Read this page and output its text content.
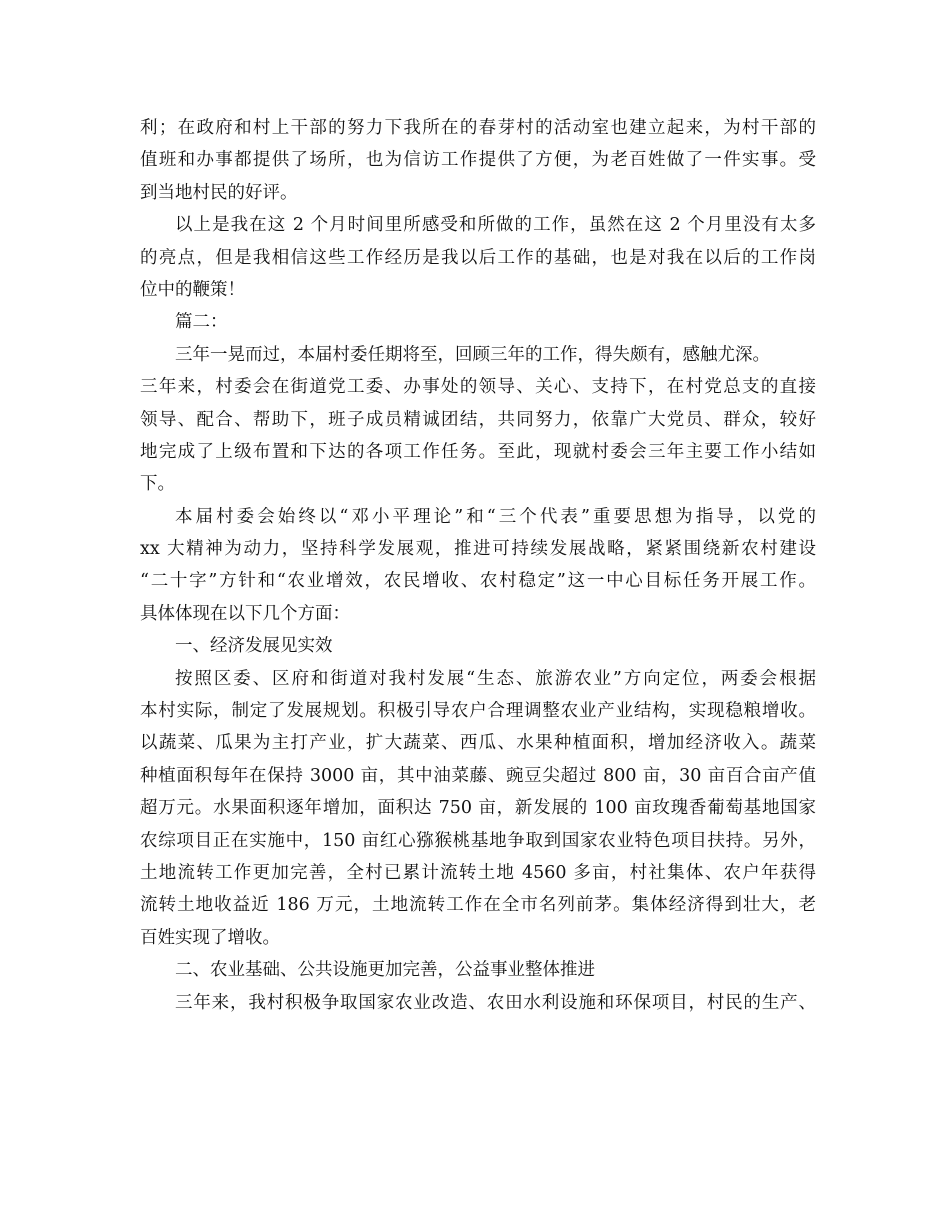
利；在政府和村上干部的努力下我所在的春芽村的活动室也建立起来，为村干部的
值班和办事都提供了场所，也为信访工作提供了方便，为老百姓做了一件实事。受
到当地村民的好评。
以上是我在这 2 个月时间里所感受和所做的工作，虽然在这 2 个月里没有太多
的亮点，但是我相信这些工作经历是我以后工作的基础，也是对我在以后的工作岗
位中的鞭策！
篇二：
三年一晃而过，本届村委任期将至，回顾三年的工作，得失颇有，感触尤深。
三年来，村委会在街道党工委、办事处的领导、关心、支持下，在村党总支的直接
领导、配合、帮助下，班子成员精诚团结，共同努力，依靠广大党员、群众，较好
地完成了上级布置和下达的各项工作任务。至此，现就村委会三年主要工作小结如
下。
本届村委会始终以“邓小平理论”和“三个代表”重要思想为指导，以党的
xx 大精神为动力，坚持科学发展观，推进可持续发展战略，紧紧围绕新农村建设
“二十字”方针和“农业增效，农民增收、农村稳定”这一中心目标任务开展工作。
具体体现在以下几个方面：
一、经济发展见实效
按照区委、区府和街道对我村发展“生态、旅游农业”方向定位，两委会根据
本村实际，制定了发展规划。积极引导农户合理调整农业产业结构，实现稳粮增收。
以蔬菜、瓜果为主打产业，扩大蔬菜、西瓜、水果种植面积，增加经济收入。蔬菜
种植面积每年在保持 3000 亩，其中油菜藤、豌豆尖超过 800 亩，30 亩百合亩产值
超万元。水果面积逐年增加，面积达 750 亩，新发展的 100 亩玫瑰香葡萄基地国家
农综项目正在实施中，150 亩红心猕猴桃基地争取到国家农业特色项目扶持。另外，
土地流转工作更加完善，全村已累计流转土地 4560 多亩，村社集体、农户年获得
流转土地收益近 186 万元，土地流转工作在全市名列前茅。集体经济得到壮大，老
百姓实现了增收。
二、农业基础、公共设施更加完善，公益事业整体推进
三年来，我村积极争取国家农业改造、农田水利设施和环保项目，村民的生产、
